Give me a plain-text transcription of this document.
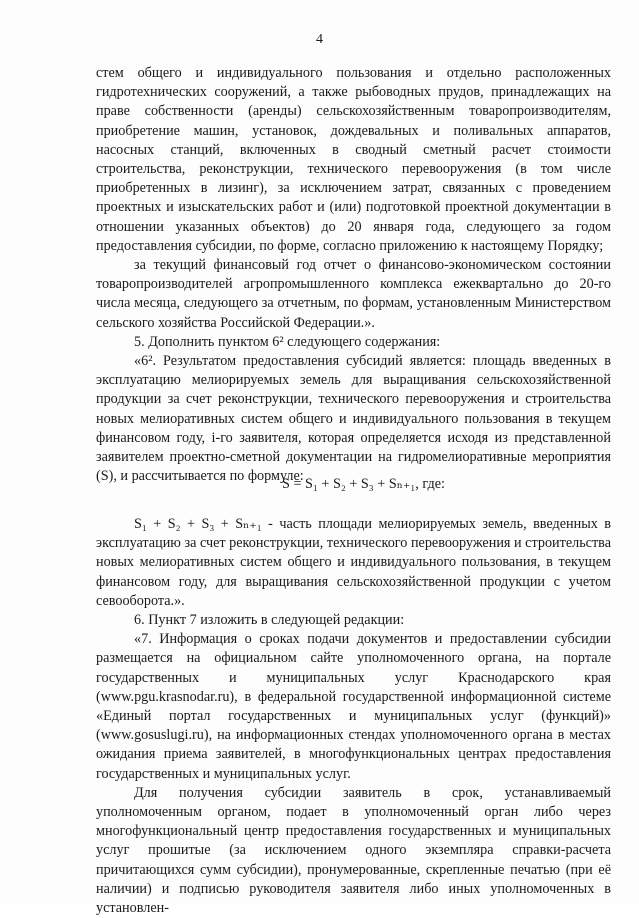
4

стем общего и индивидуального пользования и отдельно расположенных гидротехнических сооружений, а также рыбоводных прудов, принадлежащих на праве собственности (аренды) сельскохозяйственным товаропроизводителям, приобретение машин, установок, дождевальных и поливальных аппаратов, насосных станций, включенных в сводный сметный расчет стоимости строительства, реконструкции, технического перевооружения (в том числе приобретенных в лизинг), за исключением затрат, связанных с проведением проектных и изыскательских работ и (или) подготовкой проектной документации в отношении указанных объектов) до 20 января года, следующего за годом предоставления субсидии, по форме, согласно приложению к настоящему Порядку;

за текущий финансовый год отчет о финансово-экономическом состоянии товаропроизводителей агропромышленного комплекса ежеквартально до 20-го числа месяца, следующего за отчетным, по формам, установленным Министерством сельского хозяйства Российской Федерации.».

5. Дополнить пунктом 6² следующего содержания:

«6². Результатом предоставления субсидий является: площадь введенных в эксплуатацию мелиорируемых земель для выращивания сельскохозяйственной продукции за счет реконструкции, технического перевооружения и строительства новых мелиоративных систем общего и индивидуального пользования в текущем финансовом году, i-го заявителя, которая определяется исходя из представленной заявителем проектно-сметной документации на гидромелиоративные мероприятия (S), и рассчитывается по формуле:

S = S₁ + S₂ + S₃ + Sₙ₊₁, где:

S₁ + S₂ + S₃ + Sₙ₊₁ - часть площади мелиорируемых земель, введенных в эксплуатацию за счет реконструкции, технического перевооружения и строительства новых мелиоративных систем общего и индивидуального пользования, в текущем финансовом году, для выращивания сельскохозяйственной продукции с учетом севооборота.».

6. Пункт 7 изложить в следующей редакции:

«7. Информация о сроках подачи документов и предоставлении субсидии размещается на официальном сайте уполномоченного органа, на портале государственных и муниципальных услуг Краснодарского края (www.pgu.krasnodar.ru), в федеральной государственной информационной системе «Единый портал государственных и муниципальных услуг (функций)» (www.gosuslugi.ru), на информационных стендах уполномоченного органа в местах ожидания приема заявителей, в многофункциональных центрах предоставления государственных и муниципальных услуг.

Для получения субсидии заявитель в срок, устанавливаемый уполномоченным органом, подает в уполномоченный орган либо через многофункциональный центр предоставления государственных и муниципальных услуг прошитые (за исключением одного экземпляра справки-расчета причитающихся сумм субсидии), пронумерованные, скрепленные печатью (при её наличии) и подписью руководителя заявителя либо иных уполномоченных в установлен-
